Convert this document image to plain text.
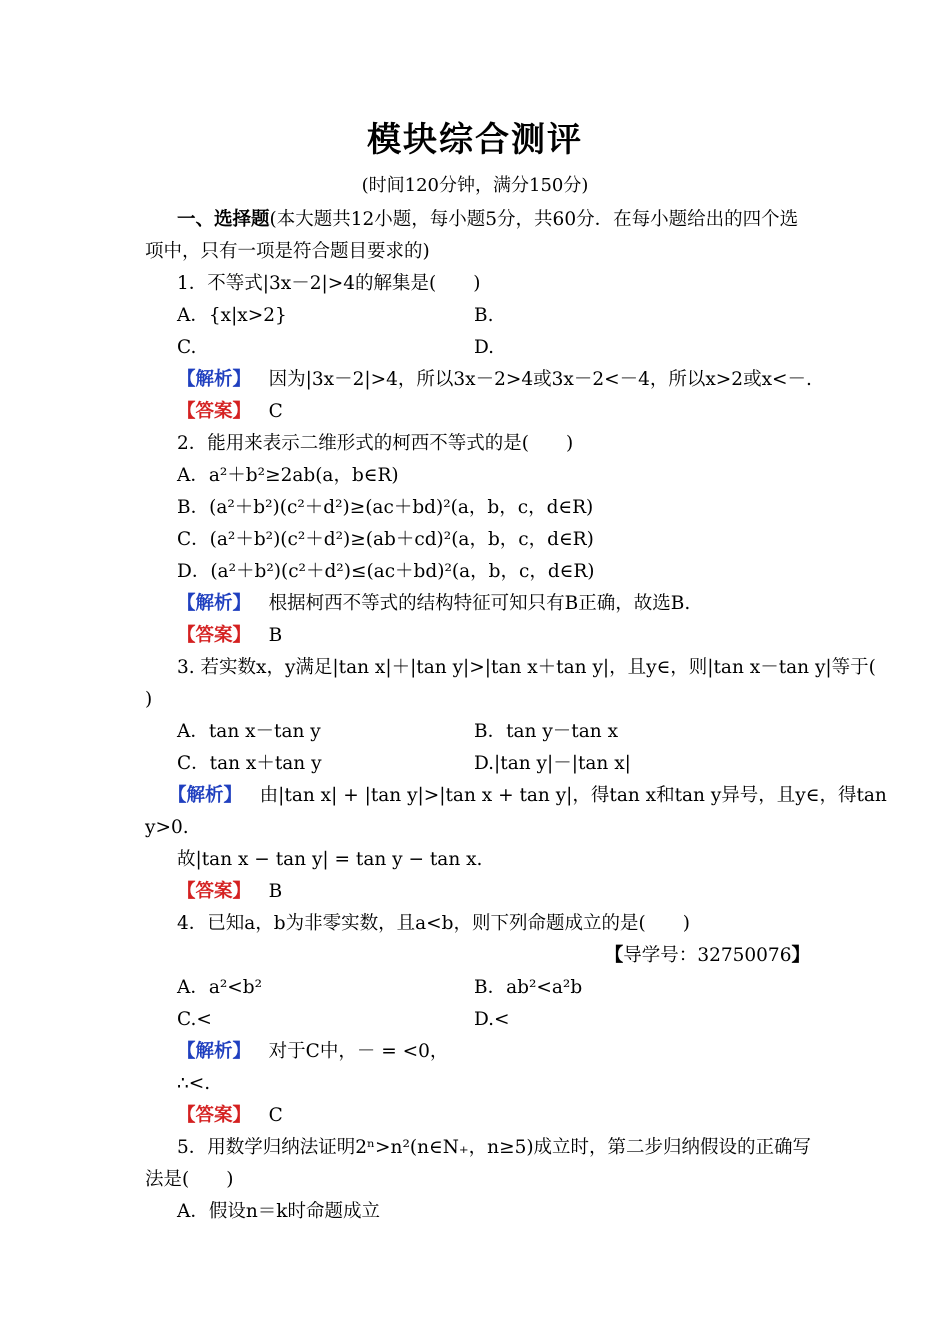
模块综合测评
(时间120分钟，满分150分)
一、选择题(本大题共12小题，每小题5分，共60分．在每小题给出的四个选
项中，只有一项是符合题目要求的)
1．不等式|3x－2|>4的解集是(　　)
A．{x|x>2}	B.
C.	D.
【解析】 因为|3x－2|>4，所以3x－2>4或3x－2<－4，所以x>2或x<－.
【答案】 C
2．能用来表示二维形式的柯西不等式的是(　　)
A．a²＋b²≥2ab(a，b∈R)
B．(a²＋b²)(c²＋d²)≥(ac＋bd)²(a，b，c，d∈R)
C．(a²＋b²)(c²＋d²)≥(ab＋cd)²(a，b，c，d∈R)
D．(a²＋b²)(c²＋d²)≤(ac＋bd)²(a，b，c，d∈R)
【解析】 根据柯西不等式的结构特征可知只有B正确，故选B.
【答案】 B
3. 若实数x，y满足|tan x|＋|tan y|>|tan x＋tan y|，且y∈，则|tan x－tan y|等于(
)
A．tan x－tan y	B．tan y－tan x
C．tan x＋tan y	D.|tan y|－|tan x|
【解析】 由|tan x| + |tan y|>|tan x + tan y|，得tan x和tan y异号，且y∈，得tan
y>0.
故|tan x − tan y| = tan y − tan x.
【答案】 B
4．已知a，b为非零实数，且a<b，则下列命题成立的是(　　)
【导学号：32750076】
A．a²<b²	B．ab²<a²b
C.<	D.<
【解析】 对于C中，－ = <0，
∴<.
【答案】 C
5．用数学归纳法证明2ⁿ>n²(n∈N₊，n≥5)成立时，第二步归纳假设的正确写
法是(　　)
A．假设n＝k时命题成立
